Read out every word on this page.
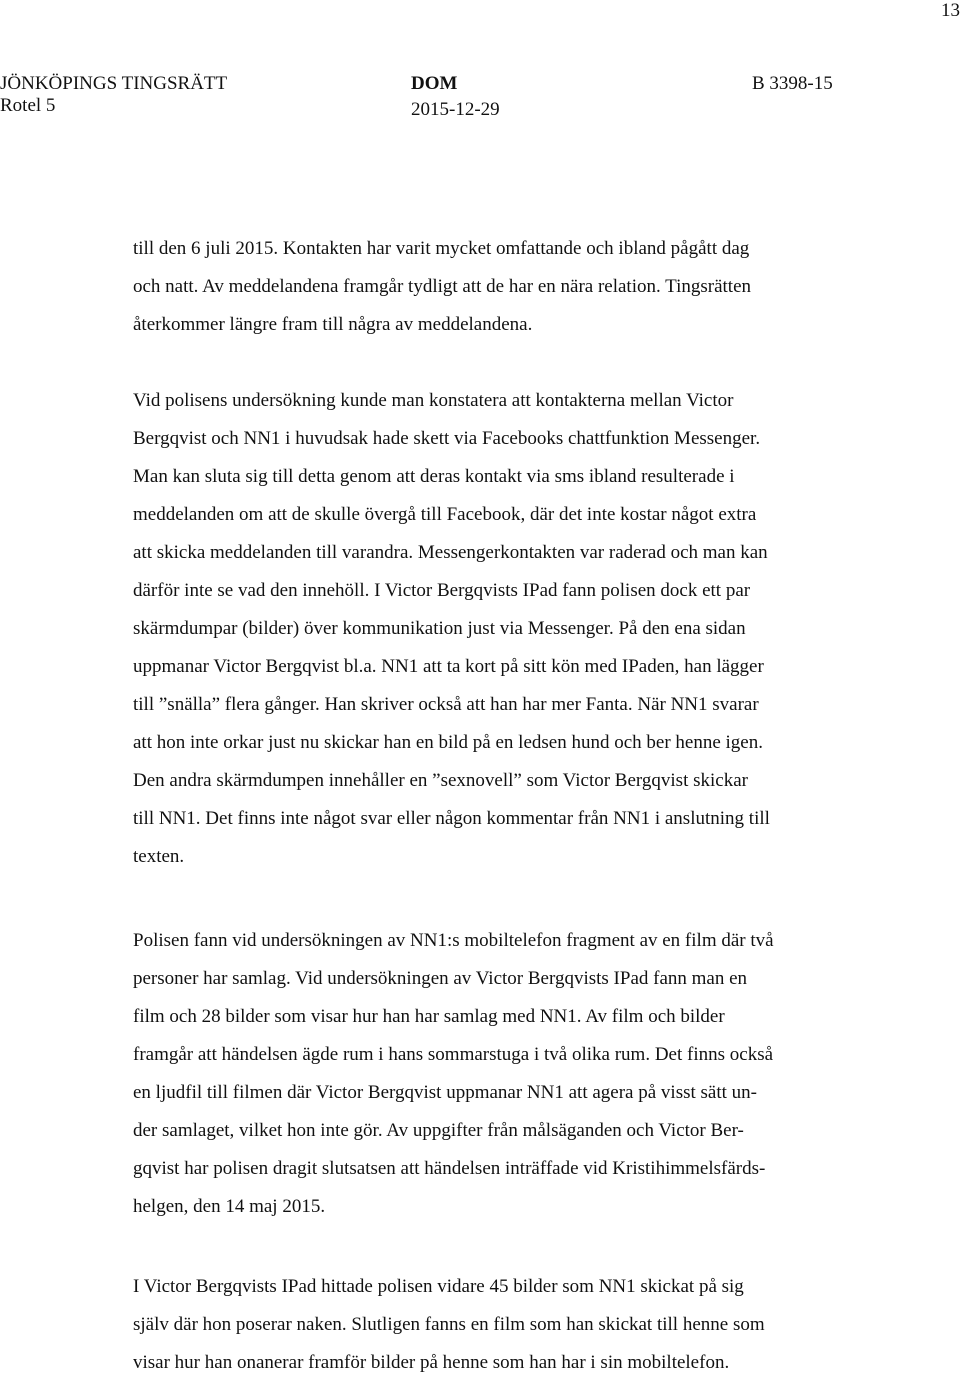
13
JÖNKÖPINGS TINGSRÄTT
Rotel 5
DOM
2015-12-29
B 3398-15

till den 6 juli 2015. Kontakten har varit mycket omfattande och ibland pågått dag
och natt. Av meddelandena framgår tydligt att de har en nära relation. Tingsrätten
återkommer längre fram till några av meddelandena.

Vid polisens undersökning kunde man konstatera att kontakterna mellan Victor
Bergqvist och NN1 i huvudsak hade skett via Facebooks chattfunktion Messenger.
Man kan sluta sig till detta genom att deras kontakt via sms ibland resulterade i
meddelanden om att de skulle övergå till Facebook, där det inte kostar något extra
att skicka meddelanden till varandra. Messengerkontakten var raderad och man kan
därför inte se vad den innehöll. I Victor Bergqvists IPad fann polisen dock ett par
skärmdumpar (bilder) över kommunikation just via Messenger. På den ena sidan
uppmanar Victor Bergqvist bl.a. NN1 att ta kort på sitt kön med IPaden, han lägger
till ”snälla” flera gånger. Han skriver också att han har mer Fanta. När NN1 svarar
att hon inte orkar just nu skickar han en bild på en ledsen hund och ber henne igen.
Den andra skärmdumpen innehåller en ”sexnovell” som Victor Bergqvist skickar
till NN1. Det finns inte något svar eller någon kommentar från NN1 i anslutning till
texten.

Polisen fann vid undersökningen av NN1:s mobiltelefon fragment av en film där två
personer har samlag. Vid undersökningen av Victor Bergqvists IPad fann man en
film och 28 bilder som visar hur han har samlag med NN1. Av film och bilder
framgår att händelsen ägde rum i hans sommarstuga i två olika rum. Det finns också
en ljudfil till filmen där Victor Bergqvist uppmanar NN1 att agera på visst sätt un-
der samlaget, vilket hon inte gör. Av uppgifter från målsäganden och Victor Ber-
gqvist har polisen dragit slutsatsen att händelsen inträffade vid Kristihimmelsfärds-
helgen, den 14 maj 2015.

I Victor Bergqvists IPad hittade polisen vidare 45 bilder som NN1 skickat på sig
själv där hon poserar naken. Slutligen fanns en film som han skickat till henne som
visar hur han onanerar framför bilder på henne som han har i sin mobiltelefon.
